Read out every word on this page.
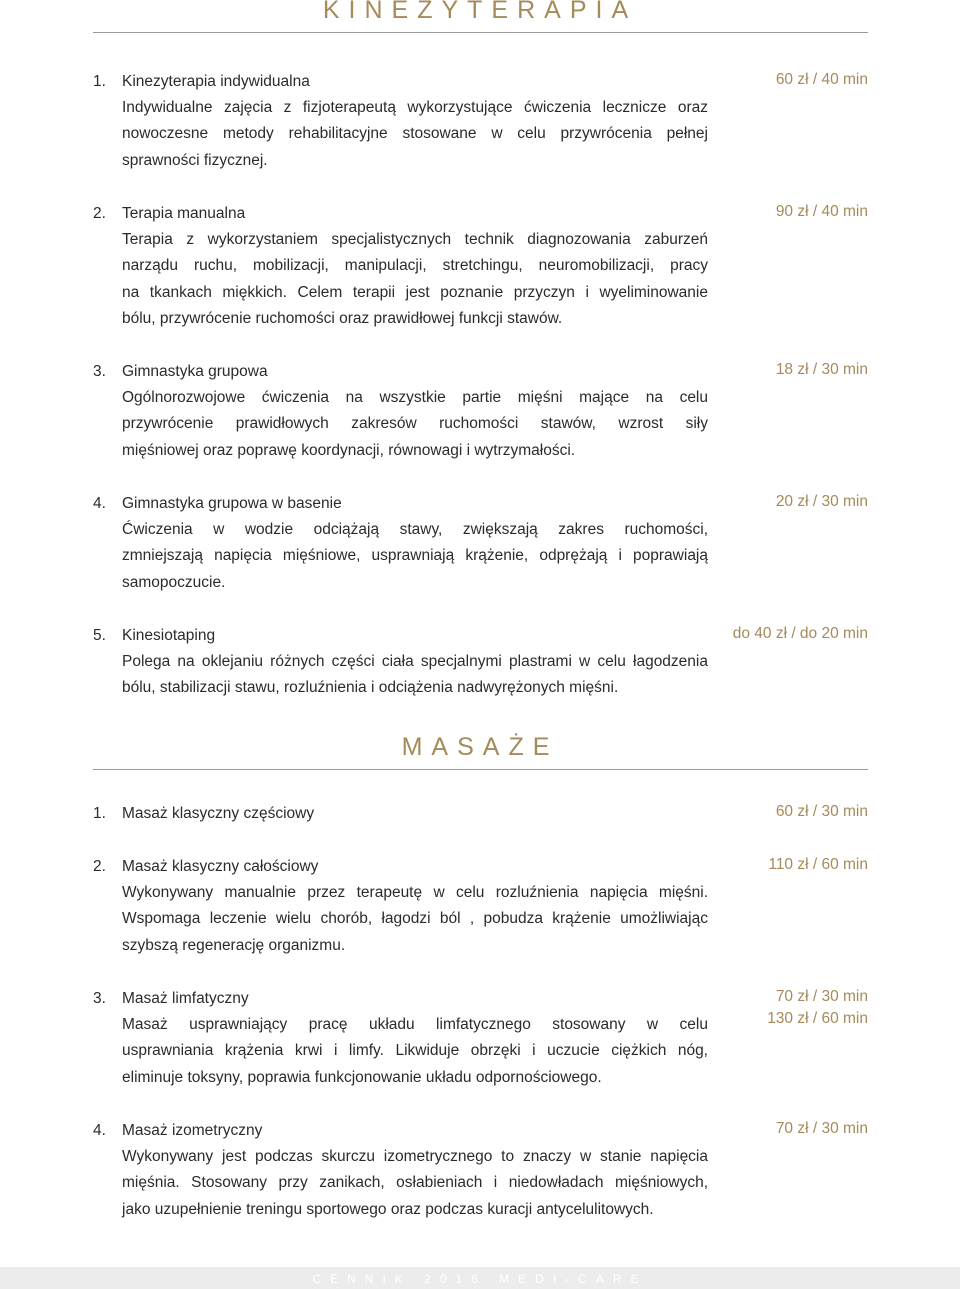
KINEZYTERAPIA
1. Kinezyterapia indywidualna
Indywidualne zajęcia z fizjoterapeutą wykorzystujące ćwiczenia lecznicze oraz
nowoczesne metody rehabilitacyjne stosowane w celu przywrócenia pełnej
sprawności fizycznej.
60 zł / 40 min
2. Terapia manualna
Terapia z wykorzystaniem specjalistycznych technik diagnozowania zaburzeń
narządu ruchu, mobilizacji, manipulacji, stretchingu, neuromobilizacji, pracy
na tkankach miękkich. Celem terapii jest poznanie przyczyn i wyeliminowanie
bólu, przywrócenie ruchomości oraz prawidłowej funkcji stawów.
90 zł / 40 min
3. Gimnastyka grupowa
Ogólnorozwojowe ćwiczenia na wszystkie partie mięśni mające na celu
przywrócenie prawidłowych zakresów ruchomości stawów, wzrost siły
mięśniowej oraz poprawę koordynacji, równowagi i wytrzymałości.
18 zł / 30 min
4. Gimnastyka grupowa w basenie
Ćwiczenia w wodzie odciążają stawy, zwiększają zakres ruchomości,
zmniejszają napięcia mięśniowe, usprawniają krążenie, odprężają i poprawiają
samopoczucie.
20 zł / 30 min
5. Kinesiotaping
Polega na oklejaniu różnych części ciała specjalnymi plastrami w celu łagodzenia
bólu, stabilizacji stawu, rozluźnienia i odciążenia nadwyrężonych mięśni.
do 40 zł / do 20 min
MASAŻE
1. Masaż klasyczny częściowy	60 zł / 30 min
2. Masaż klasyczny całościowy
Wykonywany manualnie przez terapeutę w celu rozluźnienia napięcia mięśni.
Wspomaga leczenie wielu chorób, łagodzi ból , pobudza krążenie umożliwiając
szybszą regenerację organizmu.
110 zł / 60 min
3. Masaż limfatyczny
Masaż usprawniający pracę układu limfatycznego stosowany w celu
usprawniania krążenia krwi i limfy. Likwiduje obrzęki i uczucie ciężkich nóg,
eliminuje toksyny, poprawia funkcjonowanie układu odpornościowego.
70 zł / 30 min
130 zł / 60 min
4. Masaż izometryczny
Wykonywany jest podczas skurczu izometrycznego to znaczy w stanie napięcia
mięśnia. Stosowany przy zanikach, osłabieniach i niedowładach mięśniowych,
jako uzupełnienie treningu sportowego oraz podczas kuracji antycelulitowych.
70 zł / 30 min
CENNIK 2016 MEDI-CARE
